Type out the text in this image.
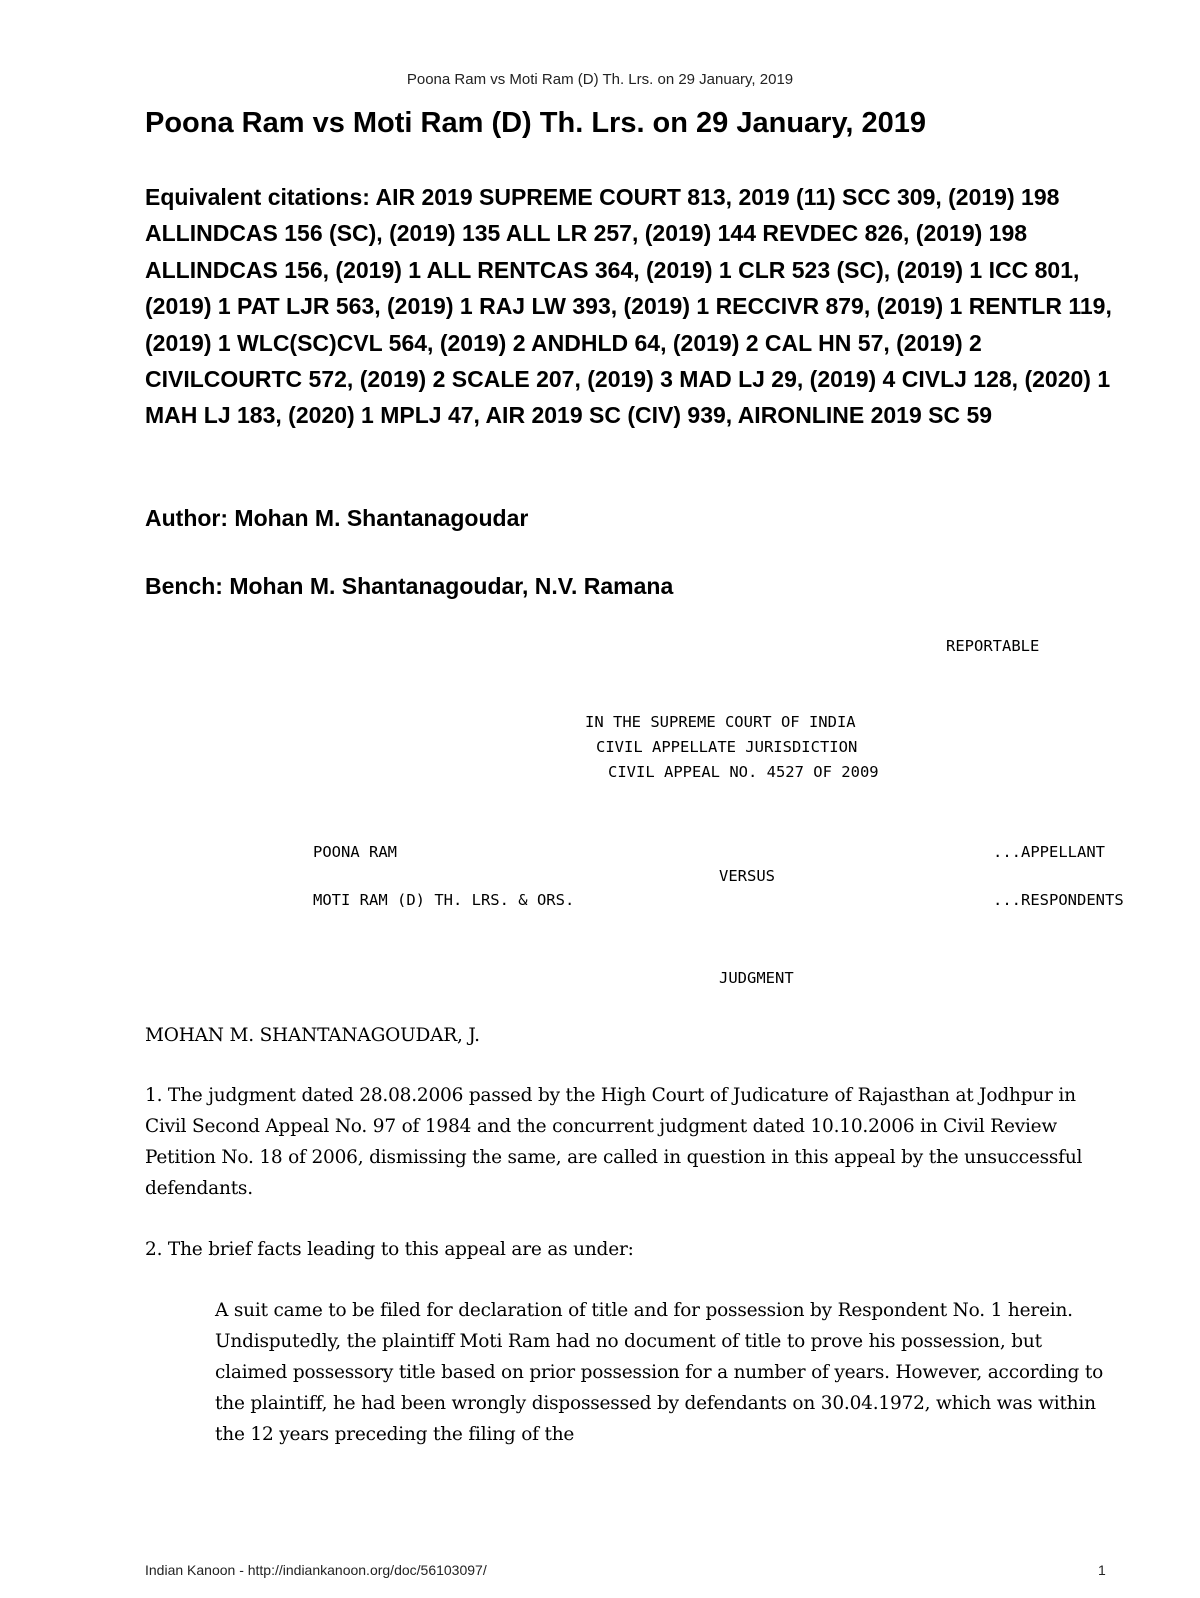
Poona Ram vs Moti Ram (D) Th. Lrs. on 29 January, 2019
Poona Ram vs Moti Ram (D) Th. Lrs. on 29 January, 2019

Equivalent citations: AIR 2019 SUPREME COURT 813, 2019 (11) SCC 309, (2019) 198 ALLINDCAS 156 (SC), (2019) 135 ALL LR 257, (2019) 144 REVDEC 826, (2019) 198 ALLINDCAS 156, (2019) 1 ALL RENTCAS 364, (2019) 1 CLR 523 (SC), (2019) 1 ICC 801, (2019) 1 PAT LJR 563, (2019) 1 RAJ LW 393, (2019) 1 RECCIVR 879, (2019) 1 RENTLR 119, (2019) 1 WLC(SC)CVL 564, (2019) 2 ANDHLD 64, (2019) 2 CAL HN 57, (2019) 2 CIVILCOURTC 572, (2019) 2 SCALE 207, (2019) 3 MAD LJ 29, (2019) 4 CIVLJ 128, (2020) 1 MAH LJ 183, (2020) 1 MPLJ 47, AIR 2019 SC (CIV) 939, AIRONLINE 2019 SC 59

Author: Mohan M. Shantanagoudar

Bench: Mohan M. Shantanagoudar, N.V. Ramana

REPORTABLE
IN THE SUPREME COURT OF INDIA
CIVIL APPELLATE JURISDICTION
CIVIL APPEAL NO. 4527 OF 2009
POONA RAM	...APPELLANT
VERSUS
MOTI RAM (D) TH. LRS. & ORS.	...RESPONDENTS
JUDGMENT

MOHAN M. SHANTANAGOUDAR, J.

1. The judgment dated 28.08.2006 passed by the High Court of Judicature of Rajasthan at Jodhpur in Civil Second Appeal No. 97 of 1984 and the concurrent judgment dated 10.10.2006 in Civil Review Petition No. 18 of 2006, dismissing the same, are called in question in this appeal by the unsuccessful defendants.

2. The brief facts leading to this appeal are as under:

A suit came to be filed for declaration of title and for possession by Respondent No. 1 herein. Undisputedly, the plaintiff Moti Ram had no document of title to prove his possession, but claimed possessory title based on prior possession for a number of years. However, according to the plaintiff, he had been wrongly dispossessed by defendants on 30.04.1972, which was within the 12 years preceding the filing of the

Indian Kanoon - http://indiankanoon.org/doc/56103097/	1
